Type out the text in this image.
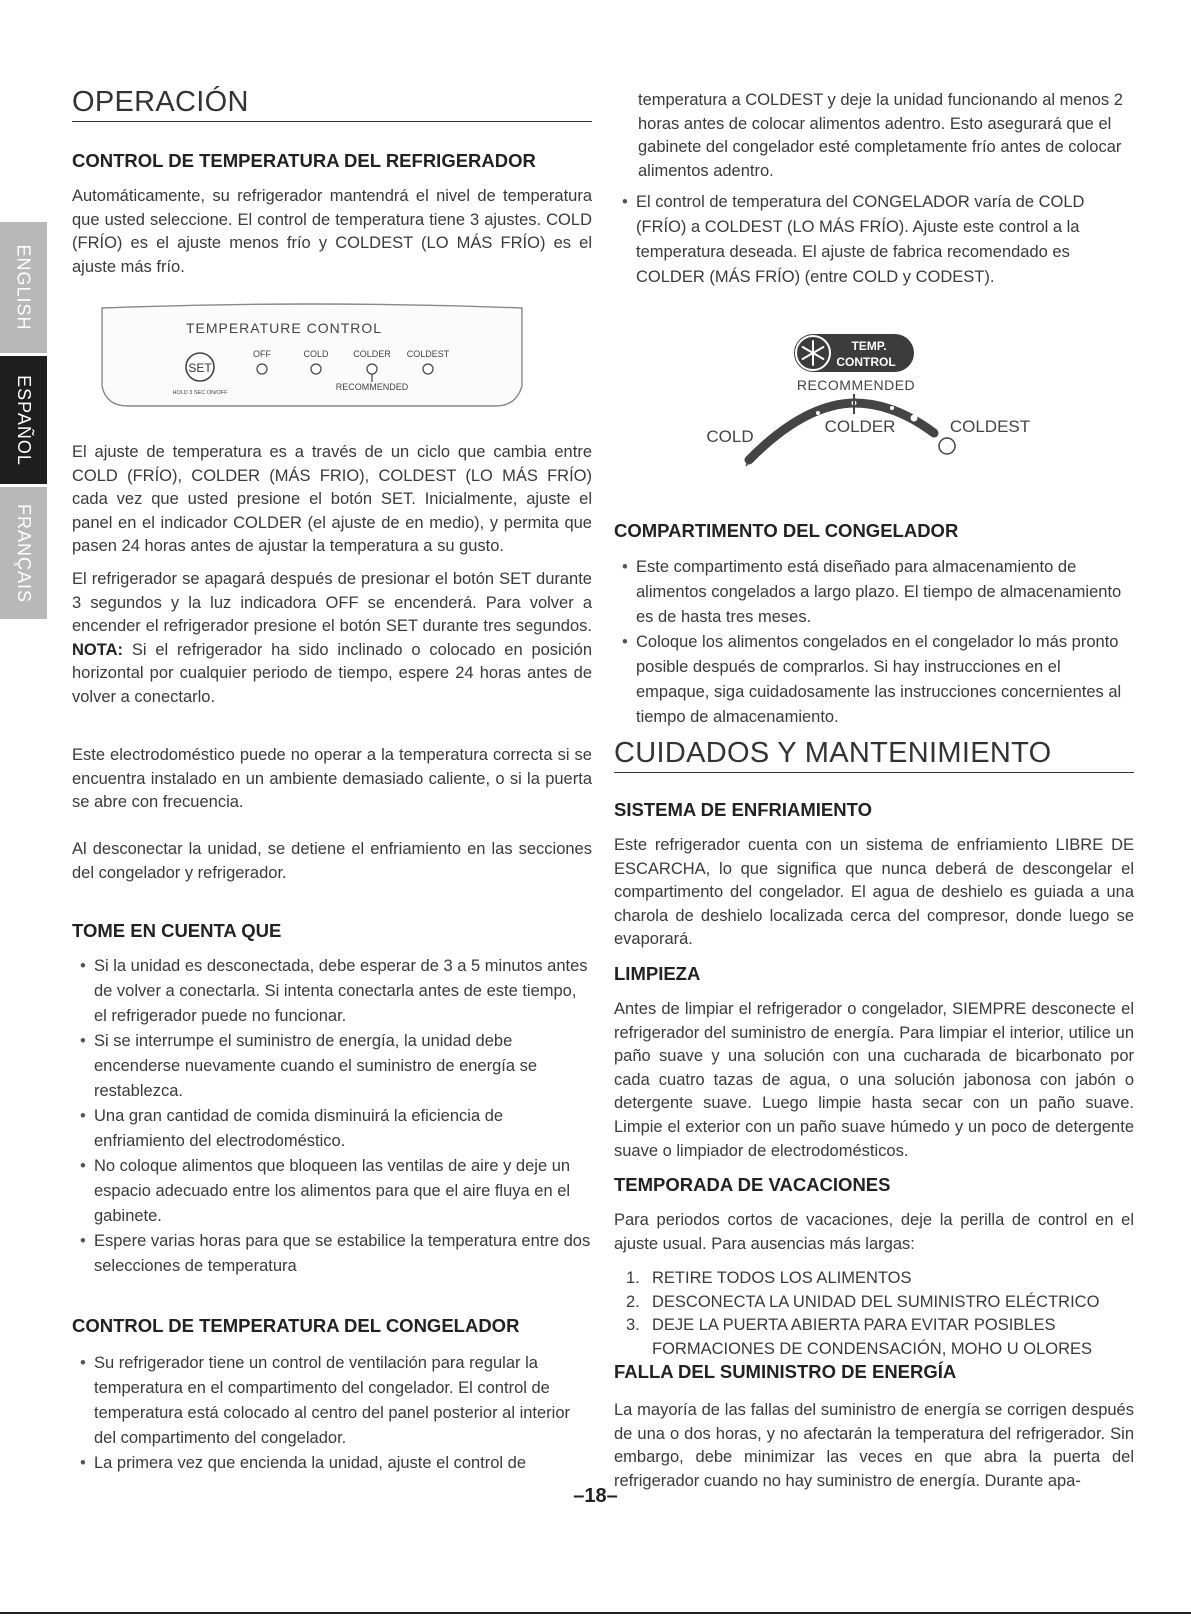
ENGLISH
ESPAÑOL
FRANÇAIS
OPERACIÓN
CONTROL DE TEMPERATURA DEL REFRIGERADOR

Automáticamente, su refrigerador mantendrá el nivel de temperatura que usted seleccione. El control de temperatura tiene 3 ajustes. COLD (FRÍO) es el ajuste menos frío y COLDEST (LO MÁS FRÍO) es el ajuste más frío.

TEMPERATURE CONTROL
SET
HOLD 3 SEC ON/OFF
OFF	COLD	COLDER COLDEST
RECOMMENDED

El ajuste de temperatura es a través de un ciclo que cambia entre COLD (FRÍO), COLDER (MÁS FRIO), COLDEST (LO MÁS FRÍO) cada vez que usted presione el botón SET. Inicialmente, ajuste el panel en el indicador COLDER (el ajuste de en medio), y permita que pasen 24 horas antes de ajustar la temperatura a su gusto.

El refrigerador se apagará después de presionar el botón SET durante 3 segundos y la luz indicadora OFF se encenderá. Para volver a encender el refrigerador presione el botón SET durante tres segundos. NOTA: Si el refrigerador ha sido inclinado o colocado en posición horizontal por cualquier periodo de tiempo, espere 24 horas antes de volver a conectarlo.

Este electrodoméstico puede no operar a la temperatura correcta si se encuentra instalado en un ambiente demasiado caliente, o si la puerta se abre con frecuencia.

Al desconectar la unidad, se detiene el enfriamiento en las secciones del congelador y refrigerador.

TOME EN CUENTA QUE
• Si la unidad es desconectada, debe esperar de 3 a 5 minutos antes de volver a conectarla. Si intenta conectarla antes de este tiempo, el refrigerador puede no funcionar.
• Si se interrumpe el suministro de energía, la unidad debe encenderse nuevamente cuando el suministro de energía se restablezca.
• Una gran cantidad de comida disminuirá la eficiencia de enfriamiento del electrodoméstico.
• No coloque alimentos que bloqueen las ventilas de aire y deje un espacio adecuado entre los alimentos para que el aire fluya en el gabinete.
• Espere varias horas para que se estabilice la temperatura entre dos selecciones de temperatura
CONTROL DE TEMPERATURA DEL CONGELADOR
• Su refrigerador tiene un control de ventilación para regular la temperatura en el compartimento del congelador. El control de temperatura está colocado al centro del panel posterior al interior del compartimento del congelador.
• La primera vez que encienda la unidad, ajuste el control de

temperatura a COLDEST y deje la unidad funcionando al menos 2 horas antes de colocar alimentos adentro. Esto asegurará que el gabinete del congelador esté completamente frío antes de colocar alimentos adentro.

• El control de temperatura del CONGELADOR varía de COLD (FRÍO) a COLDEST (LO MÁS FRÍO). Ajuste este control a la temperatura deseada. El ajuste de fabrica recomendado es COLDER (MÁS FRÍO) (entre COLD y CODEST).
TEMP.
CONTROL
RECOMMENDED
COLD
COLDER	COLDEST
COMPARTIMENTO DEL CONGELADOR
• Este compartimento está diseñado para almacenamiento de alimentos congelados a largo plazo. El tiempo de almacenamiento es de hasta tres meses.
• Coloque los alimentos congelados en el congelador lo más pronto posible después de comprarlos. Si hay instrucciones en el empaque, siga cuidadosamente las instrucciones concernientes al tiempo de almacenamiento.
CUIDADOS Y MANTENIMIENTO
SISTEMA DE ENFRIAMIENTO

Este refrigerador cuenta con un sistema de enfriamiento LIBRE DE ESCARCHA, lo que significa que nunca deberá de descongelar el compartimento del congelador. El agua de deshielo es guiada a una charola de deshielo localizada cerca del compresor, donde luego se evaporará.

LIMPIEZA

Antes de limpiar el refrigerador o congelador, SIEMPRE desconecte el refrigerador del suministro de energía. Para limpiar el interior, utilice un paño suave y una solución con una cucharada de bicarbonato por cada cuatro tazas de agua, o una solución jabonosa con jabón o detergente suave. Luego limpie hasta secar con un paño suave. Limpie el exterior con un paño suave húmedo y un poco de detergente suave o limpiador de electrodomésticos.

TEMPORADA DE VACACIONES

Para periodos cortos de vacaciones, deje la perilla de control en el ajuste usual. Para ausencias más largas:

1. RETIRE TODOS LOS ALIMENTOS
2. DESCONECTA LA UNIDAD DEL SUMINISTRO ELÉCTRICO
3. DEJE LA PUERTA ABIERTA PARA EVITAR POSIBLES FORMACIONES DE CONDENSACIÓN, MOHO U OLORES
FALLA DEL SUMINISTRO DE ENERGÍA

La mayoría de las fallas del suministro de energía se corrigen después de una o dos horas, y no afectarán la temperatura del refrigerador. Sin embargo, debe minimizar las veces en que abra la puerta del refrigerador cuando no hay suministro de energía. Durante apa-

–18–
